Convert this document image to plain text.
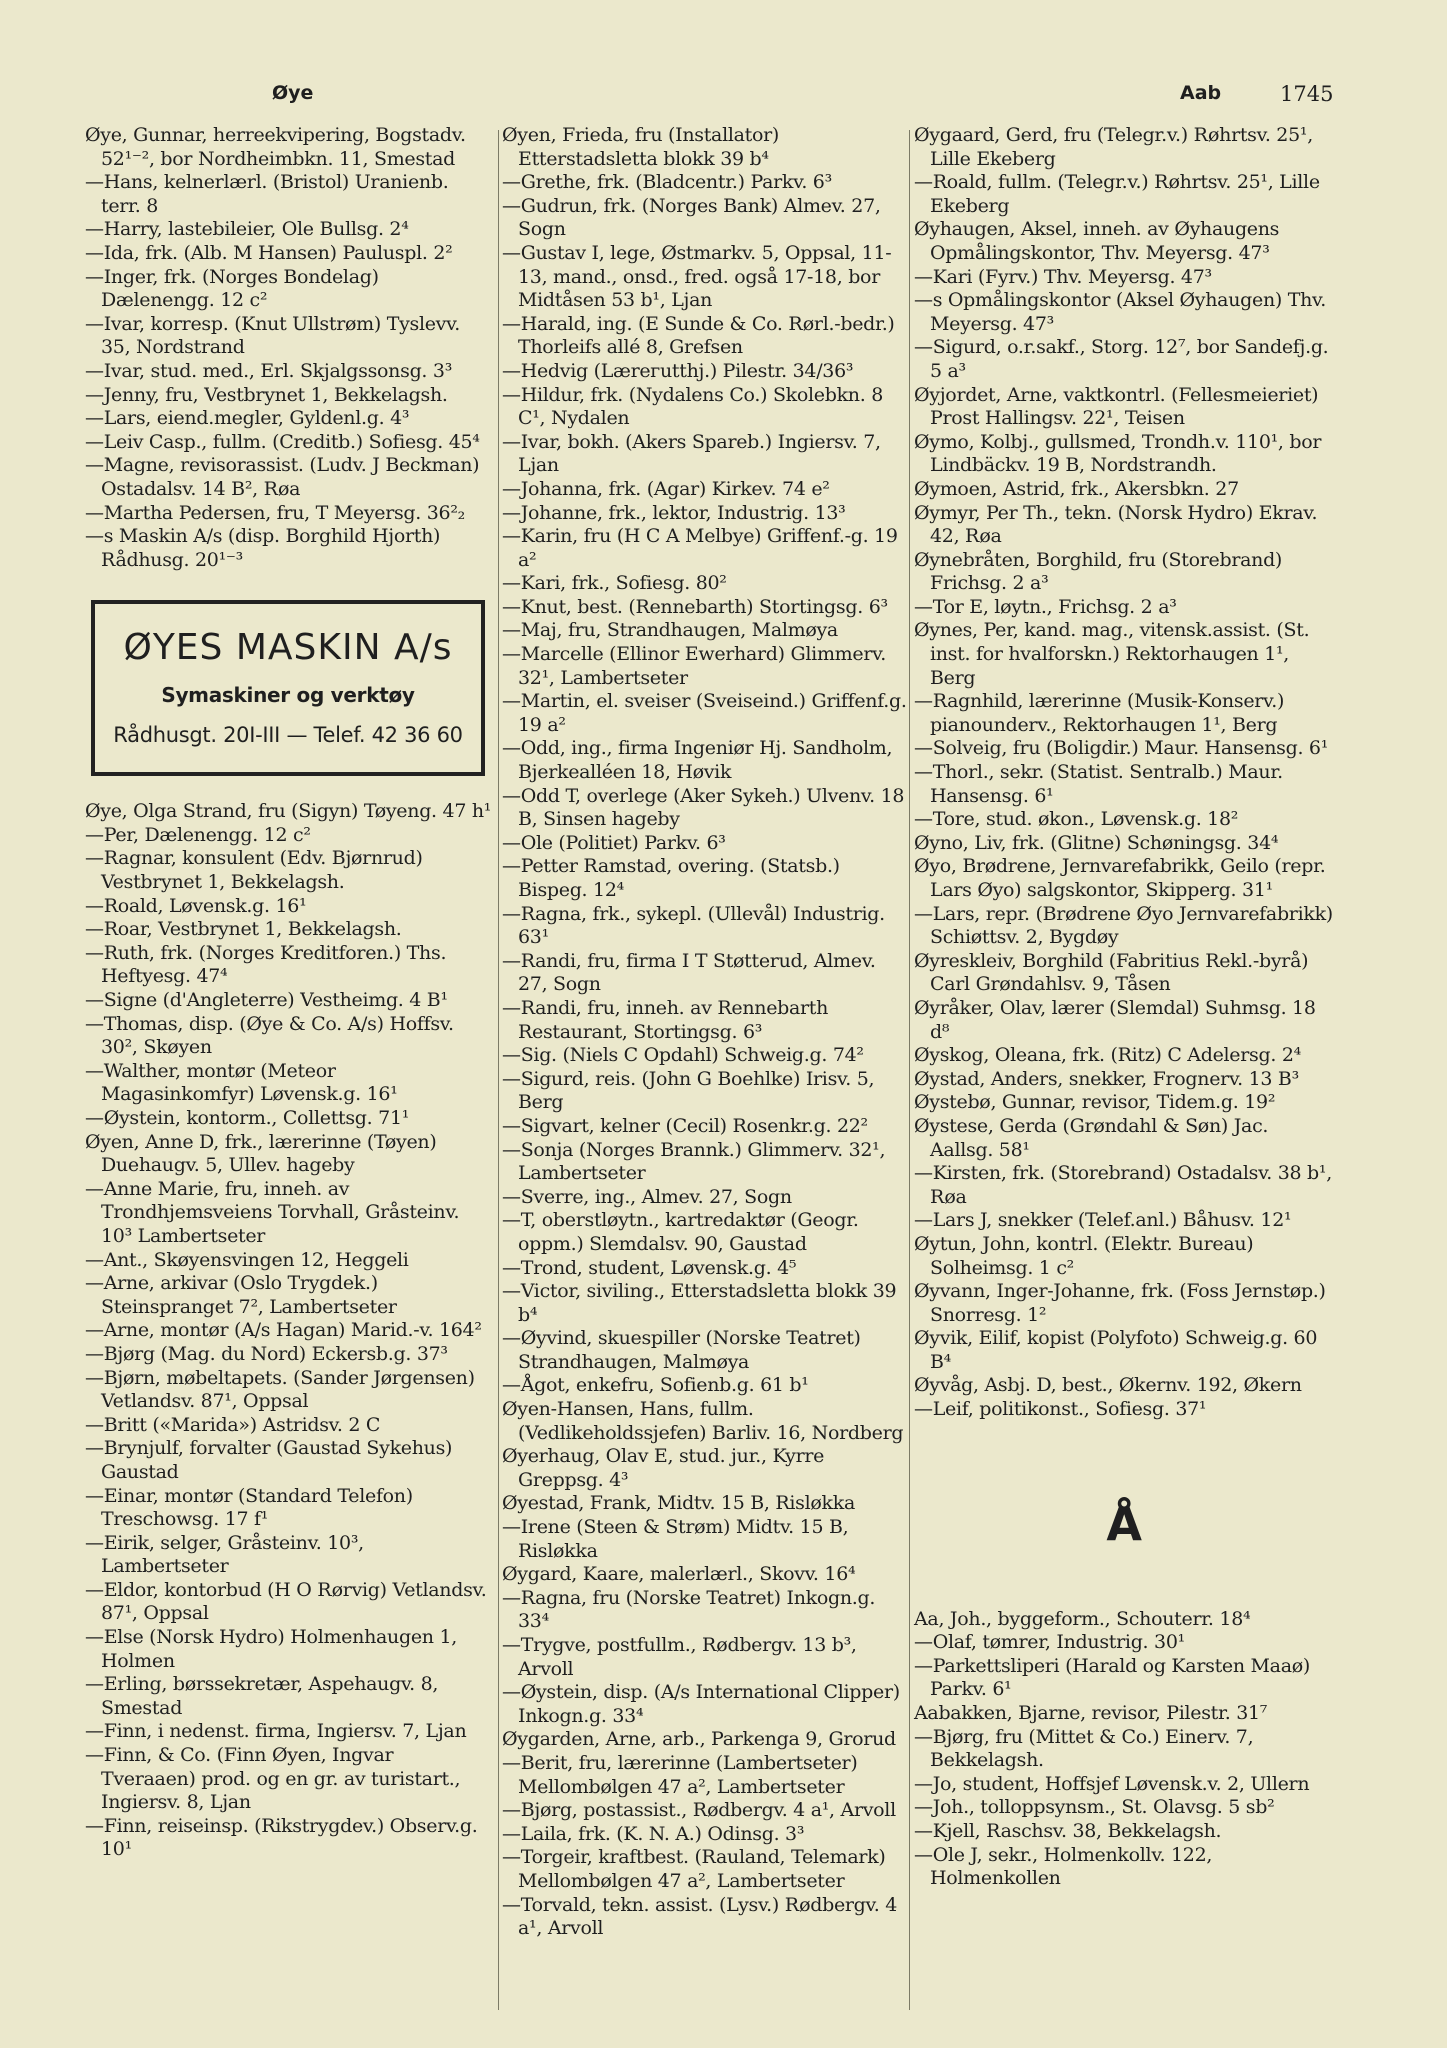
Øye	Aab	1745

Øye, Gunnar, herreekvipering, Bogstadv. 52¹⁻², bor Nordheimbkn. 11, Smestad

—Hans, kelnerlærl. (Bristol) Uranienb. terr. 8

—Harry, lastebileier, Ole Bullsg. 2⁴

—Ida, frk. (Alb. M Hansen) Pauluspl. 2²

—Inger, frk. (Norges Bondelag) Dælenengg. 12 c²

—Ivar, korresp. (Knut Ullstrøm) Tyslevv. 35, Nordstrand

—Ivar, stud. med., Erl. Skjalgssonsg. 3³

—Jenny, fru, Vestbrynet 1, Bekkelagsh.

—Lars, eiend.megler, Gyldenl.g. 4³

—Leiv Casp., fullm. (Creditb.) Sofiesg. 45⁴

—Magne, revisorassist. (Ludv. J Beckman) Ostadalsv. 14 B², Røa

—Martha Pedersen, fru, T Meyersg. 36²₂

—s Maskin A/s (disp. Borghild Hjorth) Rådhusg. 20¹⁻³

ØYES MASKIN A/s
Symaskiner og verktøy
Rådhusgt. 20I-III — Telef. 42 36 60

Øye, Olga Strand, fru (Sigyn) Tøyeng. 47 h¹

—Per, Dælenengg. 12 c²

—Ragnar, konsulent (Edv. Bjørnrud) Vestbrynet 1, Bekkelagsh.

—Roald, Løvensk.g. 16¹

—Roar, Vestbrynet 1, Bekkelagsh.

—Ruth, frk. (Norges Kreditforen.) Ths. Heftyesg. 47⁴

—Signe (d'Angleterre) Vestheimg. 4 B¹

—Thomas, disp. (Øye & Co. A/s) Hoffsv. 30², Skøyen

—Walther, montør (Meteor Magasinkomfyr) Løvensk.g. 16¹

—Øystein, kontorm., Collettsg. 71¹

Øyen, Anne D, frk., lærerinne (Tøyen) Duehaugv. 5, Ullev. hageby

—Anne Marie, fru, inneh. av Trondhjemsveiens Torvhall, Gråsteinv. 10³ Lambertseter

—Ant., Skøyensvingen 12, Heggeli

—Arne, arkivar (Oslo Trygdek.) Steinspranget 7², Lambertseter

—Arne, montør (A/s Hagan) Marid.-v. 164²

—Bjørg (Mag. du Nord) Eckersb.g. 37³

—Bjørn, møbeltapets. (Sander Jørgensen) Vetlandsv. 87¹, Oppsal

—Britt («Marida») Astridsv. 2 C

—Brynjulf, forvalter (Gaustad Sykehus) Gaustad

—Einar, montør (Standard Telefon) Treschowsg. 17 f¹

—Eirik, selger, Gråsteinv. 10³, Lambertseter

—Eldor, kontorbud (H O Rørvig) Vetlandsv. 87¹, Oppsal

—Else (Norsk Hydro) Holmenhaugen 1, Holmen

—Erling, børssekretær, Aspehaugv. 8, Smestad

—Finn, i nedenst. firma, Ingiersv. 7, Ljan

—Finn, & Co. (Finn Øyen, Ingvar Tveraaen) prod. og en gr. av turistart., Ingiersv. 8, Ljan

—Finn, reiseinsp. (Rikstrygdev.) Observ.g. 10¹

Øyen, Frieda, fru (Installator) Etterstadsletta blokk 39 b⁴

—Grethe, frk. (Bladcentr.) Parkv. 6³

—Gudrun, frk. (Norges Bank) Almev. 27, Sogn

—Gustav I, lege, Østmarkv. 5, Oppsal, 11-13, mand., onsd., fred. også 17-18, bor Midtåsen 53 b¹, Ljan

—Harald, ing. (E Sunde & Co. Rørl.-bedr.) Thorleifs allé 8, Grefsen

—Hedvig (Lærегutthj.) Pilestr. 34/36³

—Hildur, frk. (Nydalens Co.) Skolebkn. 8 C¹, Nydalen

—Ivar, bokh. (Akers Spareb.) Ingiersv. 7, Ljan

—Johanna, frk. (Agar) Kirkev. 74 e²

—Johanne, frk., lektor, Industrig. 13³

—Karin, fru (H C A Melbye) Griffenf.-g. 19 a²

—Kari, frk., Sofiesg. 80²

—Knut, best. (Rennebarth) Stortingsg. 6³

—Maj, fru, Strandhaugen, Malmøya

—Marcelle (Ellinor Ewerhard) Glimmerv. 32¹, Lambertseter

—Martin, el. sveiser (Sveiseind.) Griffenf.g. 19 a²

—Odd, ing., firma Ingeniør Hj. Sandholm, Bjerkealléen 18, Høvik

—Odd T, overlege (Aker Sykeh.) Ulvenv. 18 B, Sinsen hageby

—Ole (Politiet) Parkv. 6³

—Petter Ramstad, overing. (Statsb.) Bispeg. 12⁴

—Ragna, frk., sykepl. (Ullevål) Industrig. 63¹

—Randi, fru, firma I T Støtterud, Almev. 27, Sogn

—Randi, fru, inneh. av Rennebarth Restaurant, Stortingsg. 6³

—Sig. (Niels C Opdahl) Schweig.g. 74²

—Sigurd, reis. (John G Boehlke) Irisv. 5, Berg

—Sigvart, kelner (Cecil) Rosenkr.g. 22²

—Sonja (Norges Brannk.) Glimmerv. 32¹, Lambertseter

—Sverre, ing., Almev. 27, Sogn

—T, oberstløytn., kartredaktør (Geogr. oppm.) Slemdalsv. 90, Gaustad

—Trond, student, Løvensk.g. 4⁵

—Victor, siviling., Etterstadsletta blokk 39 b⁴

—Øyvind, skuespiller (Norske Teatret) Strandhaugen, Malmøya

—Ågot, enkefru, Sofienb.g. 61 b¹

Øyen-Hansen, Hans, fullm. (Vedlikeholdssjefen) Barliv. 16, Nordberg

Øyerhaug, Olav E, stud. jur., Kyrre Greppsg. 4³

Øyestad, Frank, Midtv. 15 B, Risløkka

—Irene (Steen & Strøm) Midtv. 15 B, Risløkka

Øygard, Kaare, malerlærl., Skovv. 16⁴

—Ragna, fru (Norske Teatret) Inkogn.g. 33⁴

—Trygve, postfullm., Rødbergv. 13 b³, Arvoll

—Øystein, disp. (A/s International Clipper) Inkogn.g. 33⁴

Øygarden, Arne, arb., Parkenga 9, Grorud

—Berit, fru, lærerinne (Lambertseter) Mellombølgen 47 a², Lambertseter

—Bjørg, postassist., Rødbergv. 4 a¹, Arvoll

—Laila, frk. (K. N. A.) Odinsg. 3³

—Torgeir, kraftbest. (Rauland, Telemark) Mellombølgen 47 a², Lambertseter

—Torvald, tekn. assist. (Lysv.) Rødbergv. 4 a¹, Arvoll

Øygaard, Gerd, fru (Telegr.v.) Røhrtsv. 25¹, Lille Ekeberg

—Roald, fullm. (Telegr.v.) Røhrtsv. 25¹, Lille Ekeberg

Øyhaugen, Aksel, inneh. av Øyhaugens Opmålingskontor, Thv. Meyersg. 47³

—Kari (Fyrv.) Thv. Meyersg. 47³

—s Opmålingskontor (Aksel Øyhaugen) Thv. Meyersg. 47³

—Sigurd, o.r.sakf., Storg. 12⁷, bor Sandefj.g. 5 a³

Øyjordet, Arne, vaktkontrl. (Fellesmeieriet) Prost Hallingsv. 22¹, Teisen

Øymo, Kolbj., gullsmed, Trondh.v. 110¹, bor Lindbäckv. 19 B, Nordstrandh.

Øymoen, Astrid, frk., Akersbkn. 27

Øymyr, Per Th., tekn. (Norsk Hydro) Ekrav. 42, Røa

Øynebråten, Borghild, fru (Storebrand) Frichsg. 2 a³

—Tor E, løytn., Frichsg. 2 a³

Øynes, Per, kand. mag., vitensk.assist. (St. inst. for hvalforskn.) Rektorhaugen 1¹, Berg

—Ragnhild, lærerinne (Musik-Konserv.) pianounderv., Rektorhaugen 1¹, Berg

—Solveig, fru (Boligdir.) Maur. Hansensg. 6¹

—Thorl., sekr. (Statist. Sentralb.) Maur. Hansensg. 6¹

—Tore, stud. økon., Løvensk.g. 18²

Øyno, Liv, frk. (Glitne) Schøningsg. 34⁴

Øyo, Brødrene, Jernvarefabrikk, Geilo (repr. Lars Øyo) salgskontor, Skipperg. 31¹

—Lars, repr. (Brødrene Øyo Jernvarefabrikk) Schiøttsv. 2, Bygdøy

Øyreskleiv, Borghild (Fabritius Rekl.-byrå) Carl Grøndahlsv. 9, Tåsen

Øyråker, Olav, lærer (Slemdal) Suhmsg. 18 d⁸

Øyskog, Oleana, frk. (Ritz) C Adelersg. 2⁴

Øystad, Anders, snekker, Frognerv. 13 B³

Øystebø, Gunnar, revisor, Tidem.g. 19²

Øystese, Gerda (Grøndahl & Søn) Jac. Aallsg. 58¹

—Kirsten, frk. (Storebrand) Ostadalsv. 38 b¹, Røa

—Lars J, snekker (Telef.anl.) Båhusv. 12¹

Øytun, John, kontrl. (Elektr. Bureau) Solheimsg. 1 c²

Øyvann, Inger-Johanne, frk. (Foss Jernstøp.) Snorresg. 1²

Øyvik, Eilif, kopist (Polyfoto) Schweig.g. 60 B⁴

Øyvåg, Asbj. D, best., Økernv. 192, Økern

—Leif, politikonst., Sofiesg. 37¹

Å

Aa, Joh., byggeform., Schouterr. 18⁴

—Olaf, tømrer, Industrig. 30¹

—Parkettsliperi (Harald og Karsten Maaø) Parkv. 6¹

Aabakken, Bjarne, revisor, Pilestr. 31⁷

—Bjørg, fru (Mittet & Co.) Einerv. 7, Bekkelagsh.

—Jo, student, Hoffsjef Løvensk.v. 2, Ullern

—Joh., tolloppsynsm., St. Olavsg. 5 sb²

—Kjell, Raschsv. 38, Bekkelagsh.

—Ole J, sekr., Holmenkollv. 122, Holmenkollen
